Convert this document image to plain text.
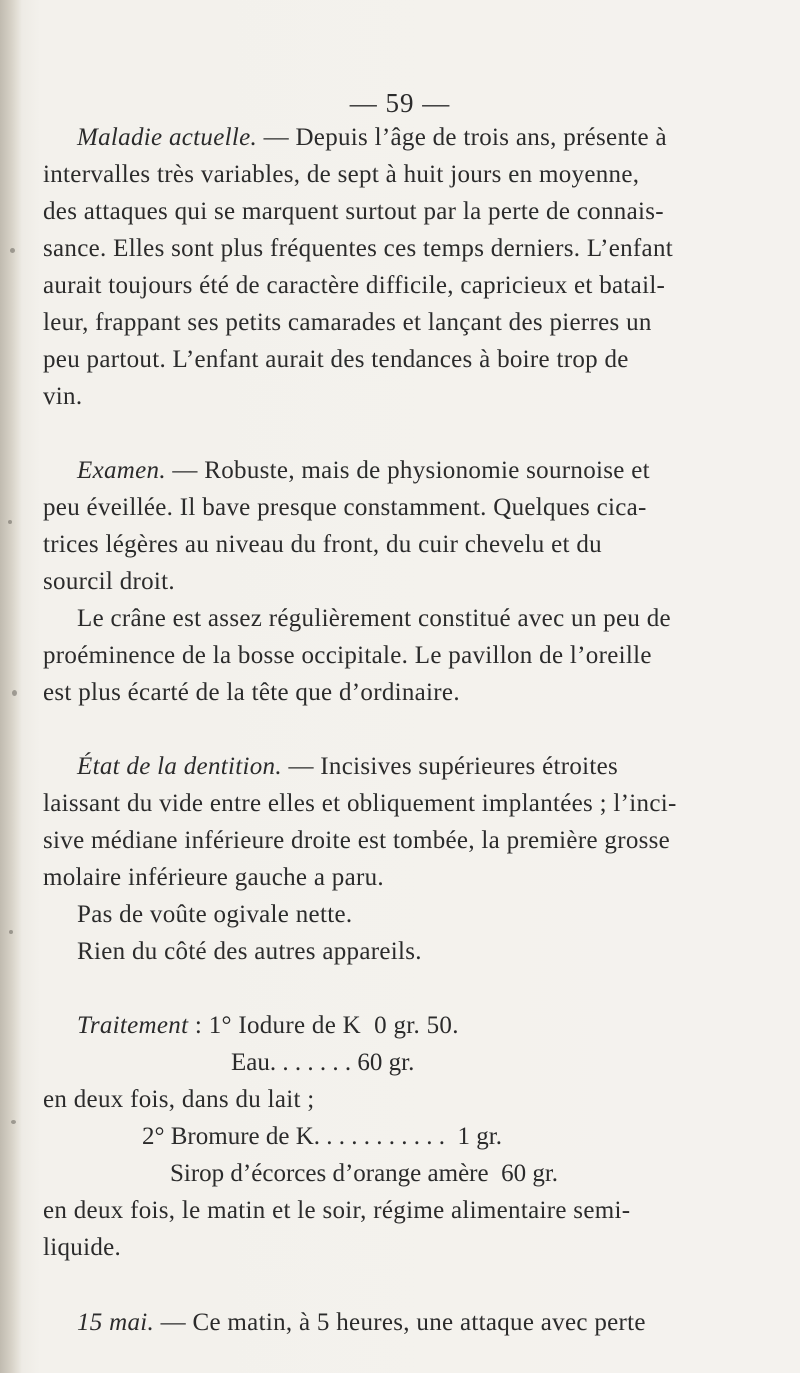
— 59 —
Maladie actuelle. — Depuis l’âge de trois ans, présente à
intervalles très variables, de sept à huit jours en moyenne,
des attaques qui se marquent surtout par la perte de connais-
sance. Elles sont plus fréquentes ces temps derniers. L’enfant
aurait toujours été de caractère difficile, capricieux et batail-
leur, frappant ses petits camarades et lançant des pierres un
peu partout. L’enfant aurait des tendances à boire trop de
vin.
Examen. — Robuste, mais de physionomie sournoise et
peu éveillée. Il bave presque constamment. Quelques cica-
trices légères au niveau du front, du cuir chevelu et du
sourcil droit.
Le crâne est assez régulièrement constitué avec un peu de
proéminence de la bosse occipitale. Le pavillon de l’oreille
est plus écarté de la tête que d’ordinaire.
État de la dentition. — Incisives supérieures étroites
laissant du vide entre elles et obliquement implantées ; l’inci-
sive médiane inférieure droite est tombée, la première grosse
molaire inférieure gauche a paru.
Pas de voûte ogivale nette.
Rien du côté des autres appareils.
Traitement : 1° Iodure de K  0 gr. 50.
Eau. . . . . . . 60 gr.
en deux fois, dans du lait ;
2° Bromure de K. . . . . . . . . . .  1 gr.
Sirop d’écorces d’orange amère  60 gr.
en deux fois, le matin et le soir, régime alimentaire semi-
liquide.
15 mai. — Ce matin, à 5 heures, une attaque avec perte
